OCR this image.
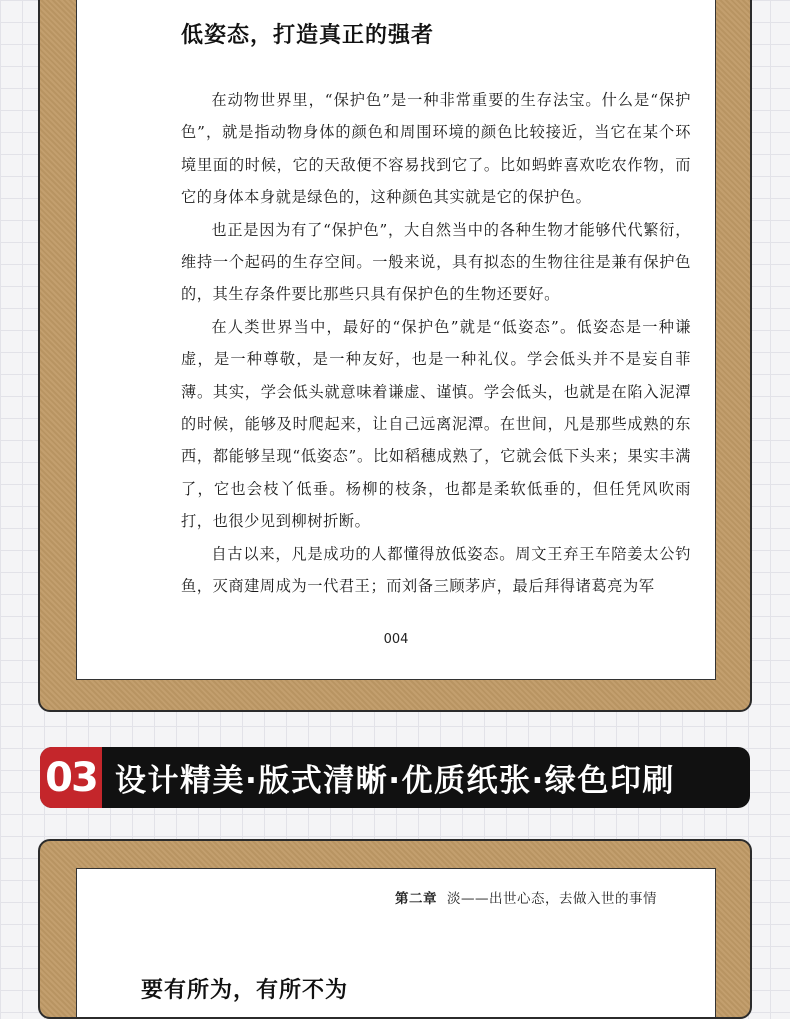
低姿态，打造真正的强者

在动物世界里，“保护色”是一种非常重要的生存法宝。什么是“保护色”，就是指动物身体的颜色和周围环境的颜色比较接近，当它在某个环境里面的时候，它的天敌便不容易找到它了。比如蚂蚱喜欢吃农作物，而它的身体本身就是绿色的，这种颜色其实就是它的保护色。

也正是因为有了“保护色”，大自然当中的各种生物才能够代代繁衍，维持一个起码的生存空间。一般来说，具有拟态的生物往往是兼有保护色的，其生存条件要比那些只具有保护色的生物还要好。

在人类世界当中，最好的“保护色”就是“低姿态”。低姿态是一种谦虚，是一种尊敬，是一种友好，也是一种礼仪。学会低头并不是妄自菲薄。其实，学会低头就意味着谦虚、谨慎。学会低头，也就是在陷入泥潭的时候，能够及时爬起来，让自己远离泥潭。在世间，凡是那些成熟的东西，都能够呈现“低姿态”。比如稻穗成熟了，它就会低下头来；果实丰满了，它也会枝丫低垂。杨柳的枝条，也都是柔软低垂的，但任凭风吹雨打，也很少见到柳树折断。

自古以来，凡是成功的人都懂得放低姿态。周文王弃王车陪姜太公钓鱼，灭商建周成为一代君王；而刘备三顾茅庐，最后拜得诸葛亮为军

004
03 设计精美·版式清晰·优质纸张·绿色印刷
第二章 淡——出世心态，去做入世的事情
要有所为，有所不为
